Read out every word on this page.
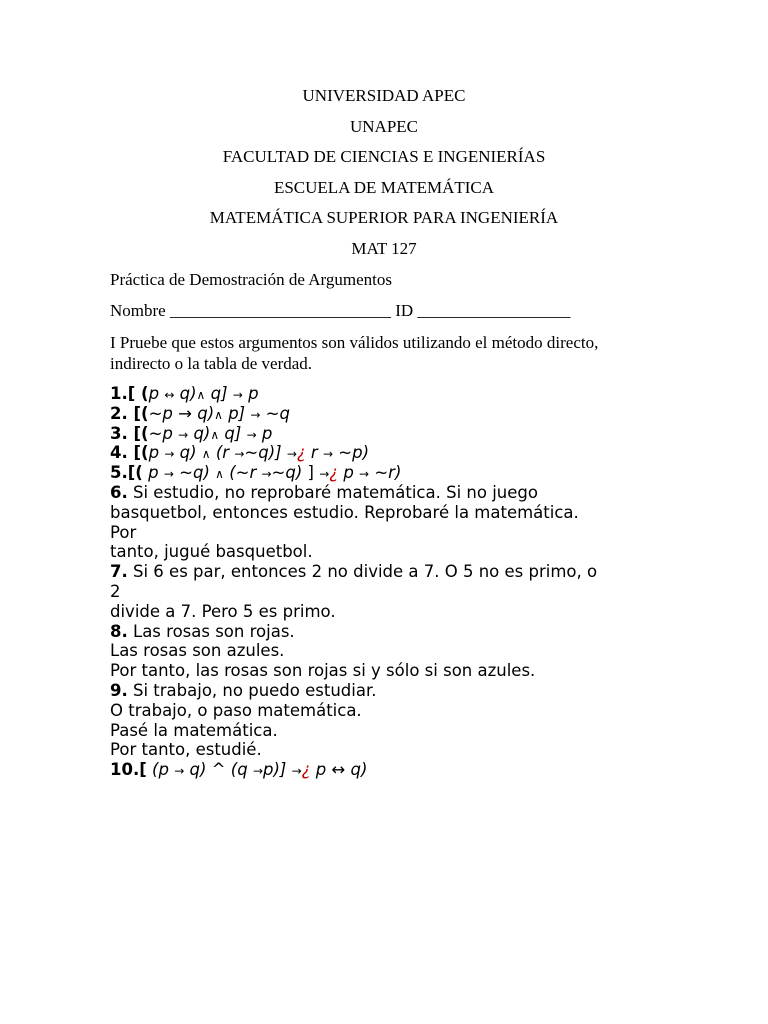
UNIVERSIDAD APEC
UNAPEC
FACULTAD DE CIENCIAS E INGENIERÍAS
ESCUELA DE MATEMÁTICA
MATEMÁTICA SUPERIOR PARA INGENIERÍA
MAT 127
Práctica de Demostración de Argumentos
Nombre __________________________ ID __________________
I Pruebe que estos argumentos son válidos utilizando el método directo, indirecto o la tabla de verdad.
1.[ (p ↔ q)∧ q] → p
2. [(~p → q)∧ p] → ~q
3. [(~p → q)∧ q] → p
4. [(p → q) ∧ (r →~q)] →¿ r → ~p)
5.[( p → ~q) ∧ (~r →~q) ] →¿ p → ~r)
6. Si estudio, no reprobaré matemática. Si no juego
basquetbol, entonces estudio. Reprobaré la matemática.
Por
tanto, jugué basquetbol.
7. Si 6 es par, entonces 2 no divide a 7. O 5 no es primo, o
2
divide a 7. Pero 5 es primo.
8. Las rosas son rojas.
Las rosas son azules.
Por tanto, las rosas son rojas si y sólo si son azules.
9. Si trabajo, no puedo estudiar.
O trabajo, o paso matemática.
Pasé la matemática.
Por tanto, estudié.
10.[ (p → q) ^ (q →p)] →¿ p ↔ q)
